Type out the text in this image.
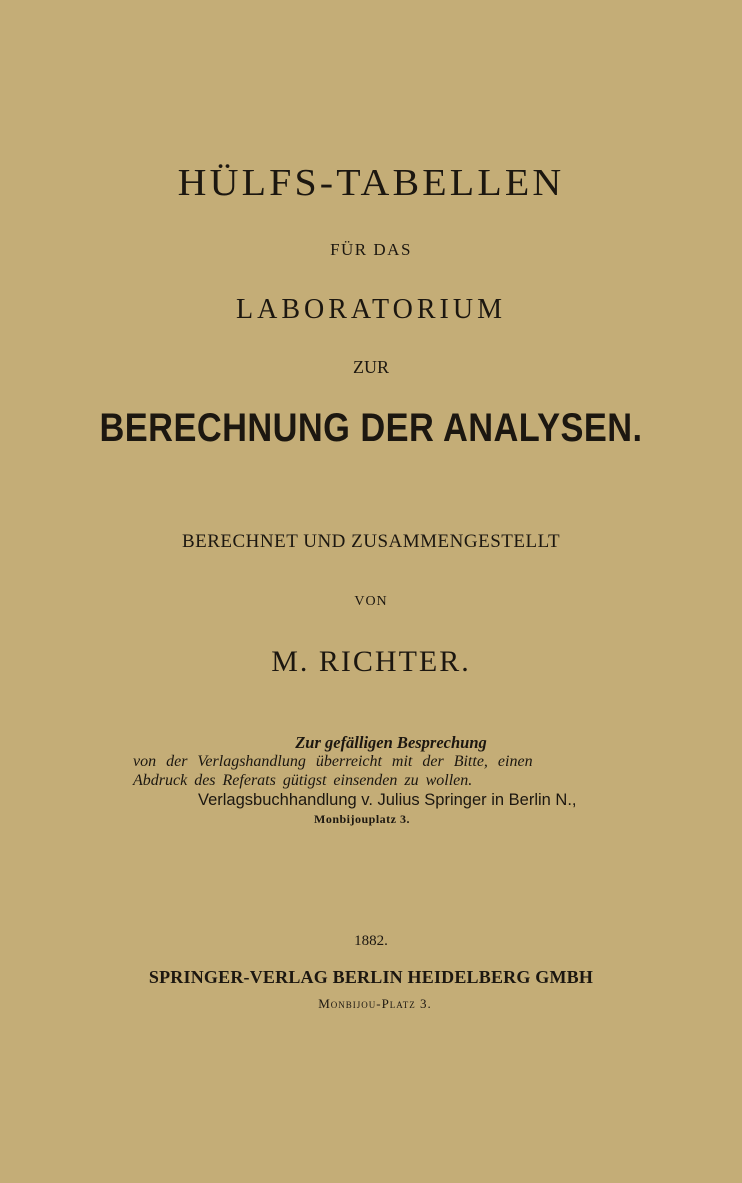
HÜLFS-TABELLEN
FÜR DAS
LABORATORIUM
ZUR
BERECHNUNG DER ANALYSEN.
BERECHNET UND ZUSAMMENGESTELLT
VON
M. RICHTER.
Zur gefälligen Besprechung
von der Verlagshandlung überreicht mit der Bitte, einen
Abdruck des Referats gütigst einsenden zu wollen.
Verlagsbuchhandlung v. Julius Springer in Berlin N.,
Monbijouplatz 3.
1882.
SPRINGER-VERLAG BERLIN HEIDELBERG GMBH
Monbijou-Platz 3.
